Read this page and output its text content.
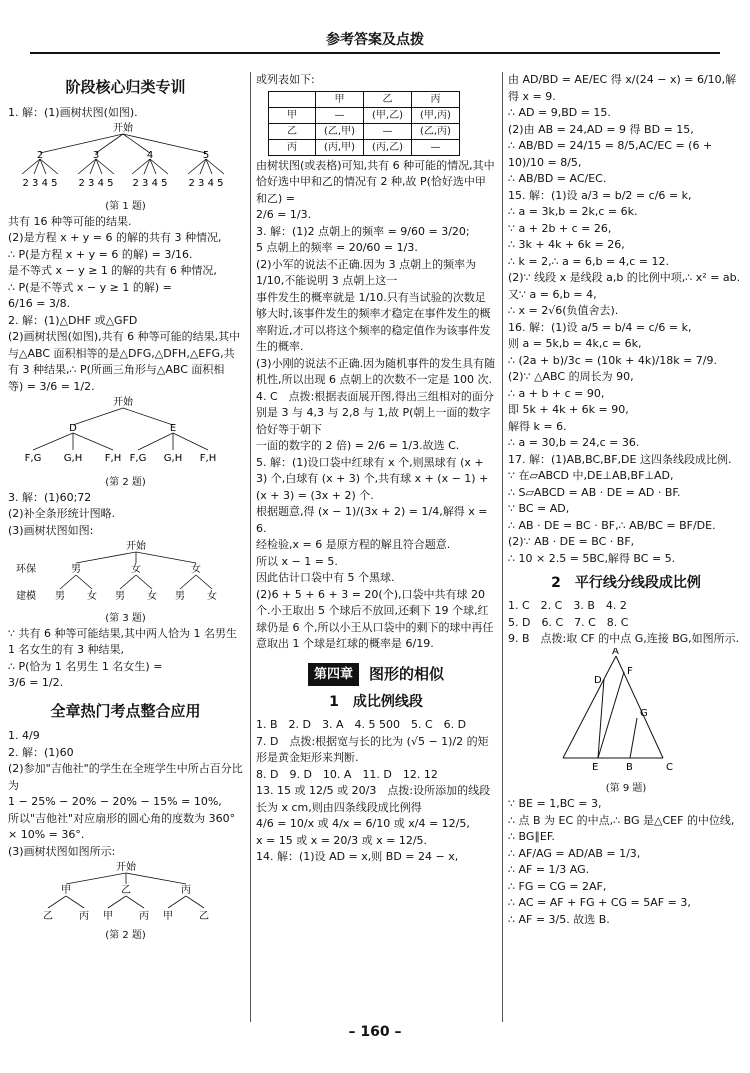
参考答案及点拨
阶段核心归类专训

1. 解：(1)画树状图(如图).

开始
2	3	4	5
2 3 4 5 2 3 4 5 2 3 4 5 2 3 4 5
(第 1 题)

共有 16 种等可能的结果.

(2)是方程 x + y = 6 的解的共有 3 种情况,

∴ P(是方程 x + y = 6 的解) = 3/16.

是不等式 x − y ≥ 1 的解的共有 6 种情况,

∴ P(是不等式 x − y ≥ 1 的解) =

6/16 = 3/8.

2. 解：(1)△DHF 或△GFD

(2)画树状图(如图),共有 6 种等可能的结果,其中与△ABC 面积相等的是△DFG,△DFH,△EFG,共有 3 种结果,∴ P(所画三角形与△ABC 面积相

等) = 3/6 = 1/2.

开始
D	E
F,G G,H F,H F,G G,H F,H
(第 2 题)

3. 解：(1)60;72

(2)补全条形统计图略.

(3)画树状图如图:

开始
环保
建模
男	女	女
男 女 男 女 男 女
(第 3 题)

∵ 共有 6 种等可能结果,其中两人恰为 1 名男生 1 名女生的有 3 种结果,

∴ P(恰为 1 名男生 1 名女生) =

3/6 = 1/2.

全章热门考点整合应用

1. 4/9

2. 解：(1)60

(2)参加"吉他社"的学生在全班学生中所占百分比为

1 − 25% − 20% − 20% − 15% = 10%,

所以"吉他社"对应扇形的圆心角的度数为 360° × 10% = 36°.

(3)画树状图如图所示:

开始
甲	乙	丙
乙	丙 甲	丙 甲	乙
(第 2 题)

或列表如下:

	甲	乙	丙
甲	—	(甲,乙)	(甲,丙)
乙	(乙,甲)	—	(乙,丙)
丙	(丙,甲)	(丙,乙)	—

由树状图(或表格)可知,共有 6 种可能的情况,其中恰好选中甲和乙的情况有 2 种,故 P(恰好选中甲和乙) =

2/6 = 1/3.

3. 解：(1)2 点朝上的频率 = 9/60 = 3/20;

5 点朝上的频率 = 20/60 = 1/3.

(2)小军的说法不正确.因为 3 点朝上的频率为 1/10,不能说明 3 点朝上这一

事件发生的概率就是 1/10.只有当试验的次数足够大时,该事件发生的频率才稳定在事件发生的概率附近,才可以将这个频率的稳定值作为该事件发生的概率.

(3)小刚的说法不正确.因为随机事件的发生具有随机性,所以出现 6 点朝上的次数不一定是 100 次.

4. C　点拨:根据表面展开图,得出三组相对的面分别是 3 与 4,3 与 2,8 与 1,故 P(朝上一面的数字恰好等于朝下

一面的数字的 2 倍) = 2/6 = 1/3.故选 C.

5. 解：(1)设口袋中红球有 x 个,则黑球有 (x + 3) 个,白球有 (x + 3) 个,共有球 x + (x − 1) + (x + 3) = (3x + 2) 个.

根据题意,得 (x − 1)/(3x + 2) = 1/4,解得 x = 6.

经检验,x = 6 是原方程的解且符合题意.

所以 x − 1 = 5.

因此估计口袋中有 5 个黑球.

(2)6 + 5 + 6 + 3 = 20(个),口袋中共有球 20 个.小王取出 5 个球后不放回,还剩下 19 个球,红球仍是 6 个,所以小王从口袋中的剩下的球中再任意取出 1 个球是红球的概率是 6/19.

第四章	图形的相似
1　成比例线段

1. B　2. D　3. A　4. 5 500　5. C　6. D

7. D　点拨:根据宽与长的比为 (√5 − 1)/2 的矩形是黄金矩形来判断.

8. D　9. D　10. A　11. D　12. 12

13. 15 或 12/5 或 20/3　点拨:设所添加的线段长为 x cm,则由四条线段成比例得

4/6 = 10/x 或 4/x = 6/10 或 x/4 = 12/5,

x = 15 或 x = 20/3 或 x = 12/5.

14. 解：(1)设 AD = x,则 BD = 24 − x,

由 AD/BD = AE/EC 得 x/(24 − x) = 6/10,解得 x = 9.

∴ AD = 9,BD = 15.

(2)由 AB = 24,AD = 9 得 BD = 15,

∴ AB/BD = 24/15 = 8/5,AC/EC = (6 + 10)/10 = 8/5,

∴ AB/BD = AC/EC.

15. 解：(1)设 a/3 = b/2 = c/6 = k,

∴ a = 3k,b = 2k,c = 6k.

∵ a + 2b + c = 26,

∴ 3k + 4k + 6k = 26,

∴ k = 2,∴ a = 6,b = 4,c = 12.

(2)∵ 线段 x 是线段 a,b 的比例中项,∴ x² = ab.

又∵ a = 6,b = 4,

∴ x = 2√6(负值舍去).

16. 解：(1)设 a/5 = b/4 = c/6 = k,

则 a = 5k,b = 4k,c = 6k,

∴ (2a + b)/3c = (10k + 4k)/18k = 7/9.

(2)∵ △ABC 的周长为 90,

∴ a + b + c = 90,

即 5k + 4k + 6k = 90,

解得 k = 6.

∴ a = 30,b = 24,c = 36.

17. 解：(1)AB,BC,BF,DE 这四条线段成比例.

∵ 在▱ABCD 中,DE⊥AB,BF⊥AD,

∴ S▱ABCD = AB · DE = AD · BF.

∵ BC = AD,

∴ AB · DE = BC · BF,∴ AB/BC = BF/DE.

(2)∵ AB · DE = BC · BF,

∴ 10 × 2.5 = 5BC,解得 BC = 5.

2　平行线分线段成比例

1. C　2. C　3. B　4. 2

5. D　6. C　7. C　8. C

9. B　点拨:取 CF 的中点 G,连接 BG,如图所示.

A
D
F
G
E	B	C
(第 9 题)

∵ BE = 1,BC = 3,

∴ 点 B 为 EC 的中点,∴ BG 是△CEF 的中位线,

∴ BG∥EF.

∴ AF/AG = AD/AB = 1/3,

∴ AF = 1/3 AG.

∴ FG = CG = 2AF,

∴ AC = AF + FG + CG = 5AF = 3,

∴ AF = 3/5. 故选 B.

– 160 –
